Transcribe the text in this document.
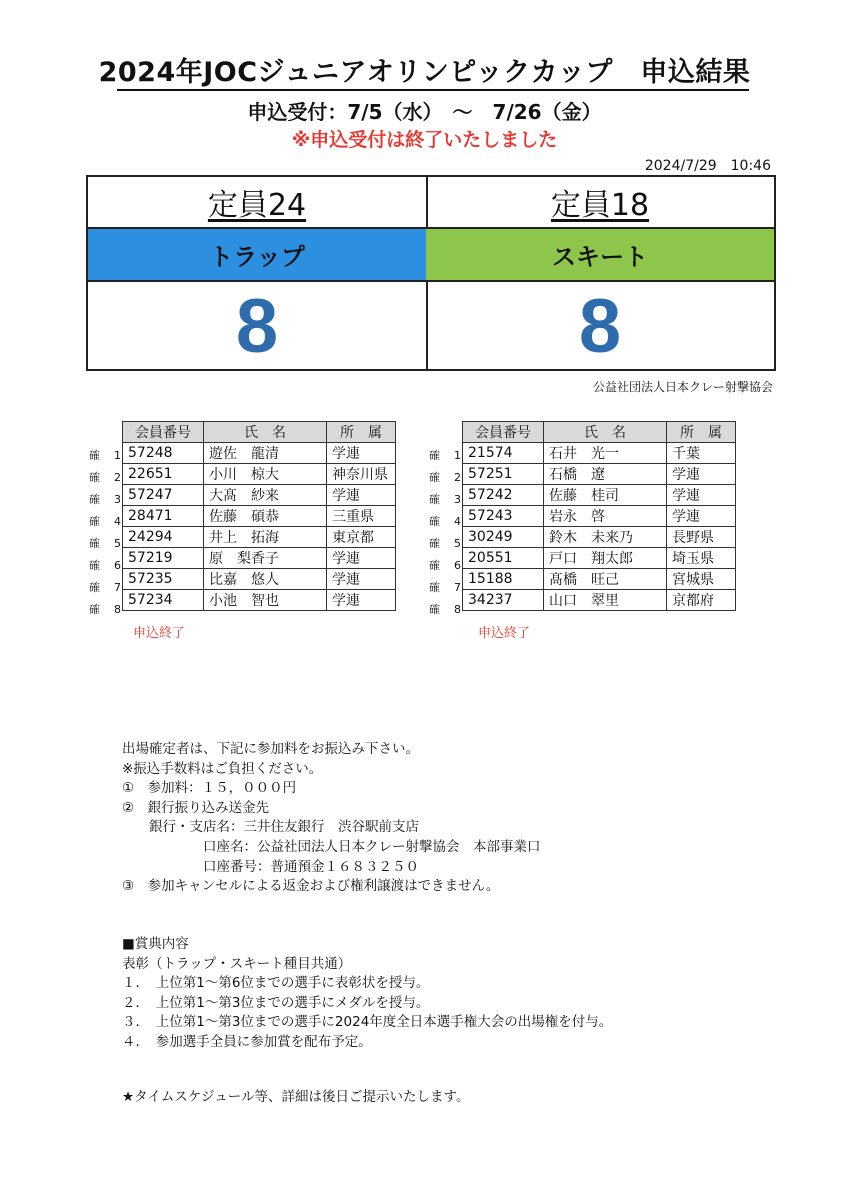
2024年JOCジュニアオリンピックカップ　申込結果
申込受付：7/5（水）　～　7/26（金）
※申込受付は終了いたしました
2024/7/29　10:46
定員24
トラップ
8
定員18
スキート
8
公益社団法人日本クレー射撃協会
会員番号	氏　名	所　属
57248	遊佐　龍清	学連
22651	小川　椋大	神奈川県
57247	大髙　紗来	学連
28471	佐藤　碩恭	三重県
24294	井上　拓海	東京都
57219	原　梨香子	学連
57235	比嘉　悠人	学連
57234	小池　智也	学連
確 1
確 2
確 3
確 4
確 5
確 6
確 7
確 8
申込終了
会員番号	氏　名	所　属
21574	石井　光一	千葉
57251	石橋　遼	学連
57242	佐藤　桂司	学連
57243	岩永　啓	学連
30249	鈴木　未来乃	長野県
20551	戸口　翔太郎	埼玉県
15188	髙橋　旺己	宮城県
34237	山口　翠里	京都府
確 1
確 2
確 3
確 4
確 5
確 6
確 7
確 8
申込終了
出場確定者は、下記に参加料をお振込み下さい。
※振込手数料はご負担ください。
①　参加料：１５，０００円
②　銀行振り込み送金先
　　銀行・支店名：三井住友銀行　渋谷駅前支店
　　　　　　口座名：公益社団法人日本クレー射撃協会　本部事業口
　　　　　　口座番号：普通預金１６８３２５０
③　参加キャンセルによる返金および権利譲渡はできません。
■賞典内容
表彰（トラップ・スキート種目共通）
１．　上位第1～第6位までの選手に表彰状を授与。
２．　上位第1～第3位までの選手にメダルを授与。
３．　上位第1～第3位までの選手に2024年度全日本選手権大会の出場権を付与。
４．　参加選手全員に参加賞を配布予定。
★タイムスケジュール等、詳細は後日ご提示いたします。
